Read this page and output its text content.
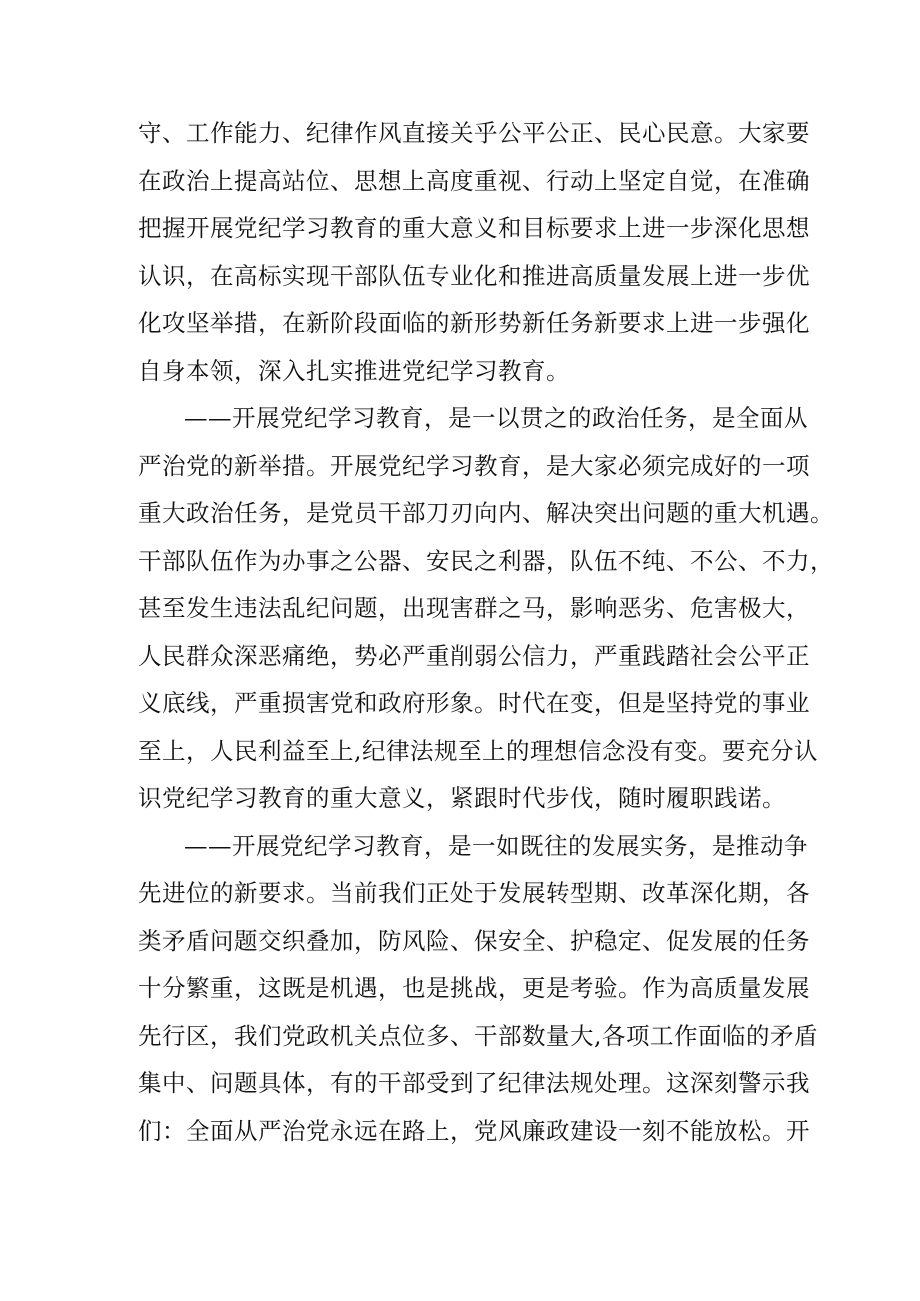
守、工作能力、纪律作风直接关乎公平公正、民心民意。大家要
在政治上提高站位、思想上高度重视、行动上坚定自觉，在准确
把握开展党纪学习教育的重大意义和目标要求上进一步深化思想
认识，在高标实现干部队伍专业化和推进高质量发展上进一步优
化攻坚举措，在新阶段面临的新形势新任务新要求上进一步强化
自身本领，深入扎实推进党纪学习教育。
——开展党纪学习教育，是一以贯之的政治任务，是全面从
严治党的新举措。开展党纪学习教育，是大家必须完成好的一项
重大政治任务，是党员干部刀刃向内、解决突出问题的重大机遇。
干部队伍作为办事之公器、安民之利器，队伍不纯、不公、不力，
甚至发生违法乱纪问题，出现害群之马，影响恶劣、危害极大，
人民群众深恶痛绝，势必严重削弱公信力，严重践踏社会公平正
义底线，严重损害党和政府形象。时代在变，但是坚持党的事业
至上，人民利益至上,纪律法规至上的理想信念没有变。要充分认
识党纪学习教育的重大意义，紧跟时代步伐，随时履职践诺。
——开展党纪学习教育，是一如既往的发展实务，是推动争
先进位的新要求。当前我们正处于发展转型期、改革深化期，各
类矛盾问题交织叠加，防风险、保安全、护稳定、促发展的任务
十分繁重，这既是机遇，也是挑战，更是考验。作为高质量发展
先行区，我们党政机关点位多、干部数量大,各项工作面临的矛盾
集中、问题具体，有的干部受到了纪律法规处理。这深刻警示我
们：全面从严治党永远在路上，党风廉政建设一刻不能放松。开
